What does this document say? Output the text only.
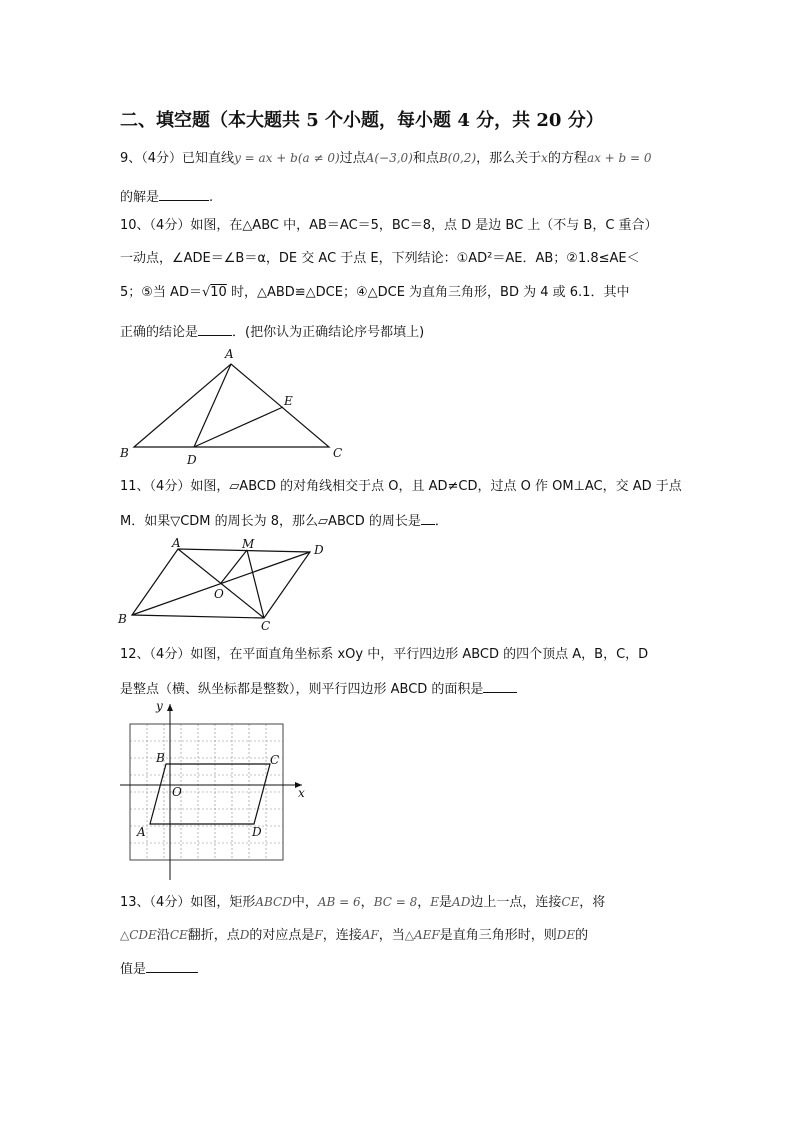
二、填空题（本大题共 5 个小题，每小题 4 分，共 20 分）
9、（4分）已知直线y = ax + b(a ≠ 0)过点A(−3,0)和点B(0,2)，那么关于x的方程ax + b = 0
的解是	.
10、（4分）如图，在△ABC 中，AB＝AC＝5，BC＝8，点 D 是边 BC 上（不与 B，C 重合）
一动点，∠ADE＝∠B＝α，DE 交 AC 于点 E，下列结论：①AD²＝AE．AB；②1.8≤AE＜
5；⑤当 AD＝√10 时，△ABD≌△DCE；④△DCE 为直角三角形，BD 为 4 或 6.1．其中
正确的结论是	．(把你认为正确结论序号都填上)
A
B	C
D
E
11、（4分）如图，▱ABCD 的对角线相交于点 O，且 AD≠CD，过点 O 作 OM⊥AC，交 AD 于点
M．如果▽CDM 的周长为 8，那么▱ABCD 的周长是 ．
A	M	D
O
B	C
12、（4分）如图，在平面直角坐标系 xOy 中，平行四边形 ABCD 的四个顶点 A，B，C，D
是整点（横、纵坐标都是整数），则平行四边形 ABCD 的面积是
y
x
O
A
B	C
D
13、（4分）如图，矩形ABCD中，AB = 6，BC = 8，E是AD边上一点，连接CE，将
△CDE沿CE翻折，点D的对应点是F，连接AF，当△AEF是直角三角形时，则DE的
值是
